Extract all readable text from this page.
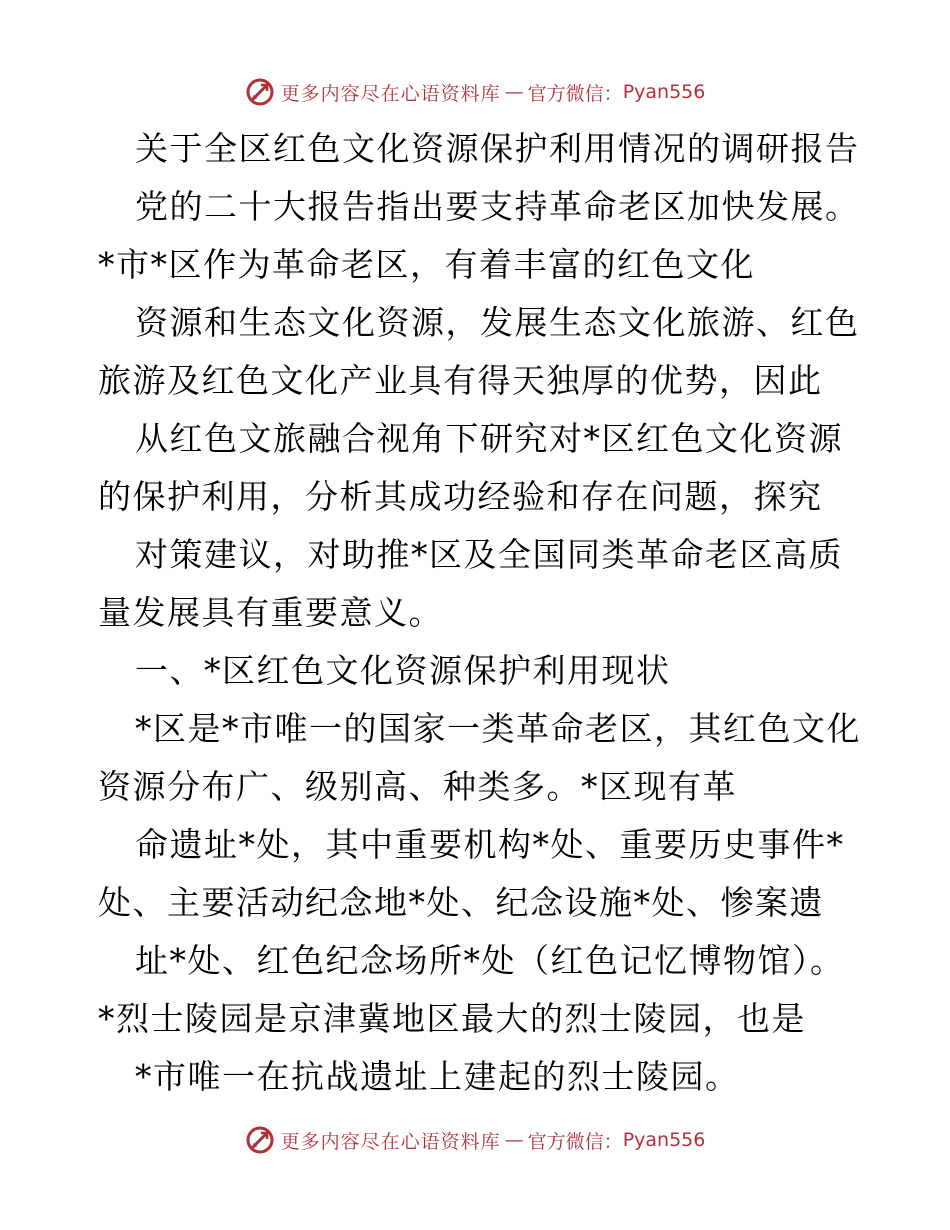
更多内容尽在心语资料库 — 官方微信： Pyan556
关于全区红色文化资源保护利用情况的调研报告
党的二十大报告指出要支持革命老区加快发展。
*市*区作为革命老区，有着丰富的红色文化
资源和生态文化资源，发展生态文化旅游、红色
旅游及红色文化产业具有得天独厚的优势，因此
从红色文旅融合视角下研究对*区红色文化资源
的保护利用，分析其成功经验和存在问题，探究
对策建议，对助推*区及全国同类革命老区高质
量发展具有重要意义。
一、*区红色文化资源保护利用现状
*区是*市唯一的国家一类革命老区，其红色文化
资源分布广、级别高、种类多。*区现有革
命遗址*处，其中重要机构*处、重要历史事件*
处、主要活动纪念地*处、纪念设施*处、惨案遗
址*处、红色纪念场所*处（红色记忆博物馆）。
*烈士陵园是京津冀地区最大的烈士陵园，也是
*市唯一在抗战遗址上建起的烈士陵园。
更多内容尽在心语资料库 — 官方微信： Pyan556
